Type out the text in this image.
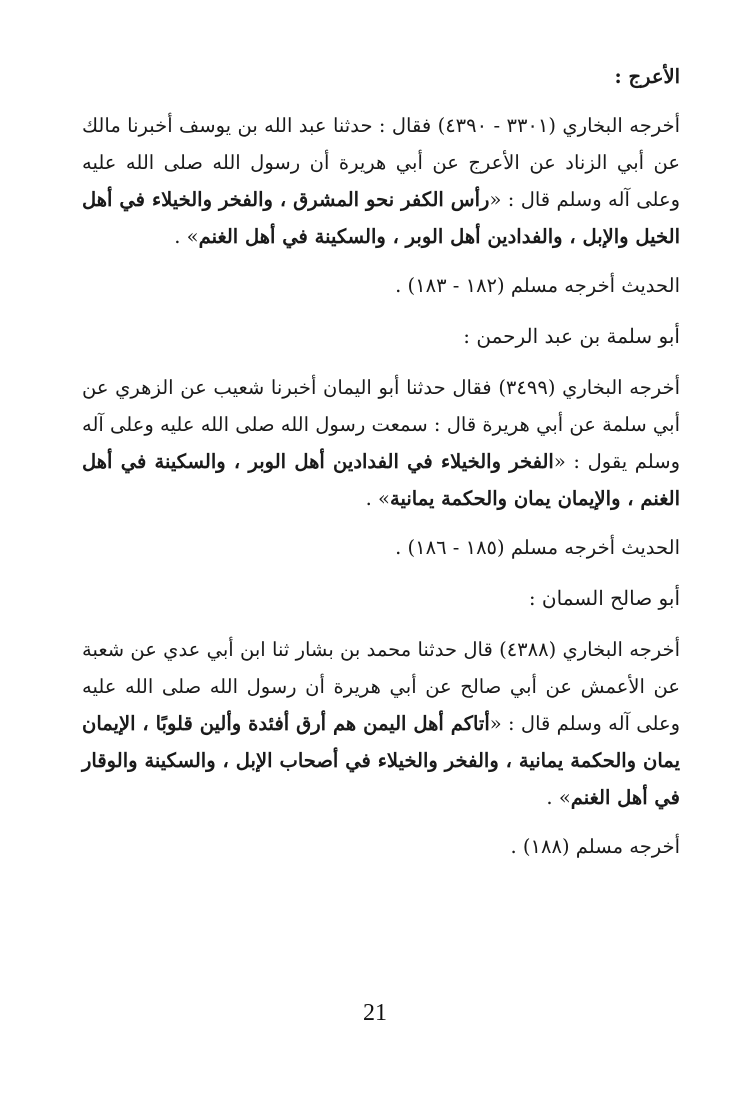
الأعرج :

أخرجه البخاري (٣٣٠١ - ٤٣٩٠) فقال : حدثنا عبد الله بن يوسف أخبرنا مالك عن أبي الزناد عن الأعرج عن أبي هريرة أن رسول الله صلى الله عليه وعلى آله وسلم قال : «رأس الكفر نحو المشرق ، والفخر والخيلاء في أهل الخيل والإبل ، والفدادين أهل الوبر ، والسكينة في أهل الغنم» .

الحديث أخرجه مسلم (١٨٢ - ١٨٣) .

أبو سلمة بن عبد الرحمن :

أخرجه البخاري (٣٤٩٩) فقال حدثنا أبو اليمان أخبرنا شعيب عن الزهري عن أبي سلمة عن أبي هريرة قال : سمعت رسول الله صلى الله عليه وعلى آله وسلم يقول : «الفخر والخيلاء في الفدادين أهل الوبر ، والسكينة في أهل الغنم ، والإيمان يمان والحكمة يمانية» .

الحديث أخرجه مسلم (١٨٥ - ١٨٦) .

أبو صالح السمان :

أخرجه البخاري (٤٣٨٨) قال حدثنا محمد بن بشار ثنا ابن أبي عدي عن شعبة عن الأعمش عن أبي صالح عن أبي هريرة أن رسول الله صلى الله عليه وعلى آله وسلم قال : «أتاكم أهل اليمن هم أرق أفئدة وألين قلوبًا ، الإيمان يمان والحكمة يمانية ، والفخر والخيلاء في أصحاب الإبل ، والسكينة والوقار في أهل الغنم» .

أخرجه مسلم (١٨٨) .

21
